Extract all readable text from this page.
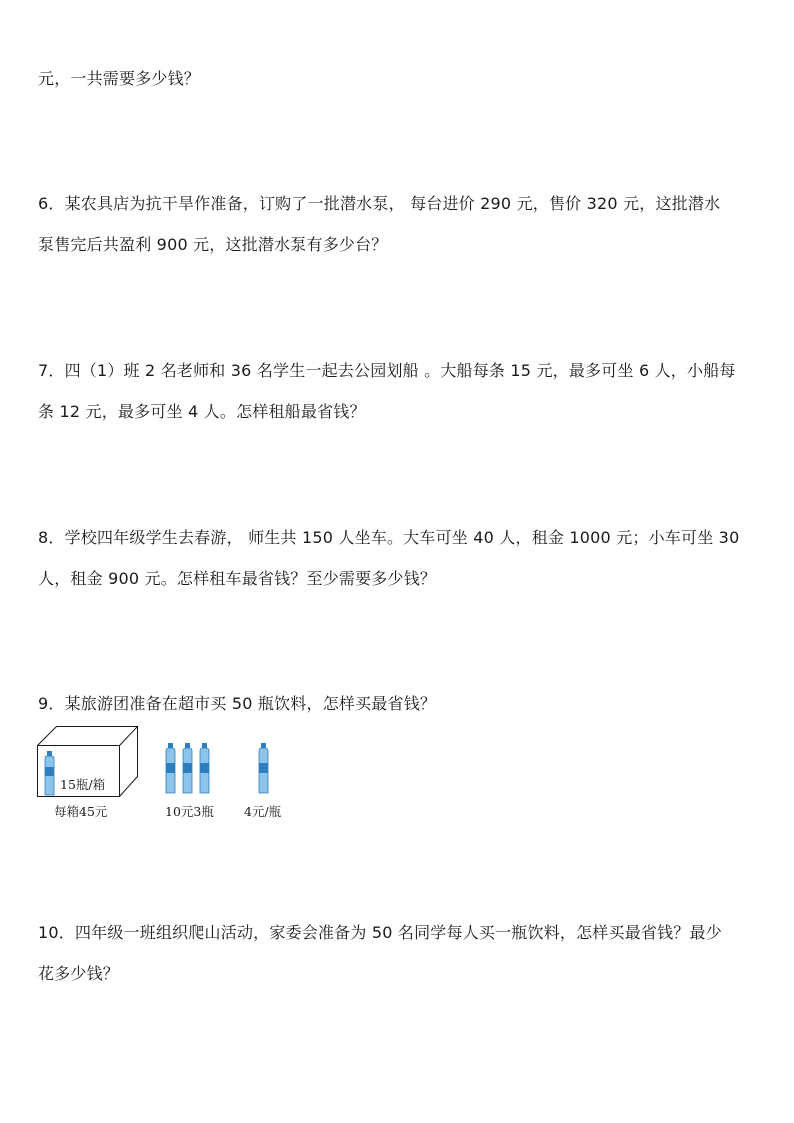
元，一共需要多少钱？
6．某农具店为抗干旱作准备，订购了一批潜水泵， 每台进价 290 元，售价 320 元，这批潜水
泵售完后共盈利 900 元，这批潜水泵有多少台？
7．四（1）班 2 名老师和 36 名学生一起去公园划船 。大船每条 15 元，最多可坐 6 人，小船每
条 12 元，最多可坐 4 人。怎样租船最省钱？
8．学校四年级学生去春游， 师生共 150 人坐车。大车可坐 40 人，租金 1000 元；小车可坐 30
人，租金 900 元。怎样租车最省钱？至少需要多少钱？
9．某旅游团准备在超市买 50 瓶饮料，怎样买最省钱？
15瓶/箱
每箱45元	10元3瓶 4元/瓶
10．四年级一班组织爬山活动，家委会准备为 50 名同学每人买一瓶饮料，怎样买最省钱？最少
花多少钱？
